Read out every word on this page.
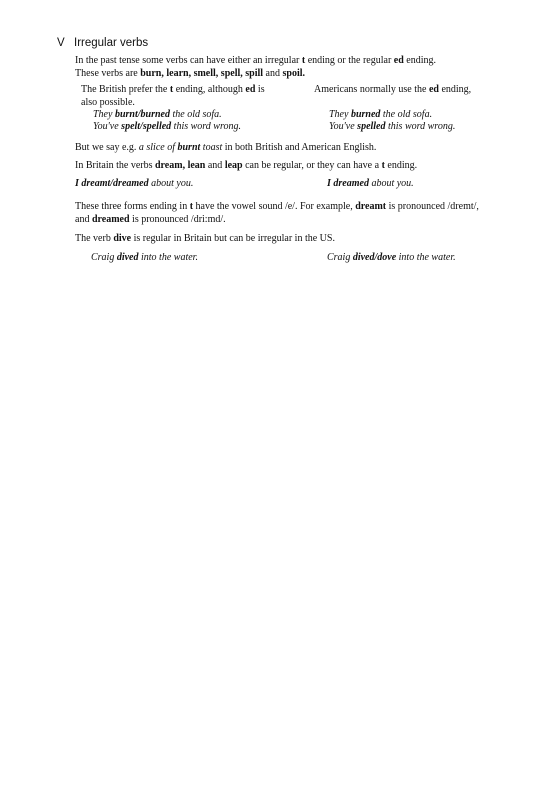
V Irregular verbs
In the past tense some verbs can have either an irregular t ending or the regular ed ending.
These verbs are burn, learn, smell, spell, spill and spoil.
The British prefer the t ending, although ed is
also possible.
Americans normally use the ed ending,
They burnt/burned the old sofa.
You've spelt/spelled this word wrong.
They burned the old sofa.
You've spelled this word wrong.
But we say e.g. a slice of burnt toast in both British and American English.
In Britain the verbs dream, lean and leap can be regular, or they can have a t ending.
I dreamt/dreamed about you.	I dreamed about you.
These three forms ending in t have the vowel sound /e/. For example, dreamt is pronounced /dremt/,
and dreamed is pronounced /dri:md/.
The verb dive is regular in Britain but can be irregular in the US.
Craig dived into the water.	Craig dived/dove into the water.
